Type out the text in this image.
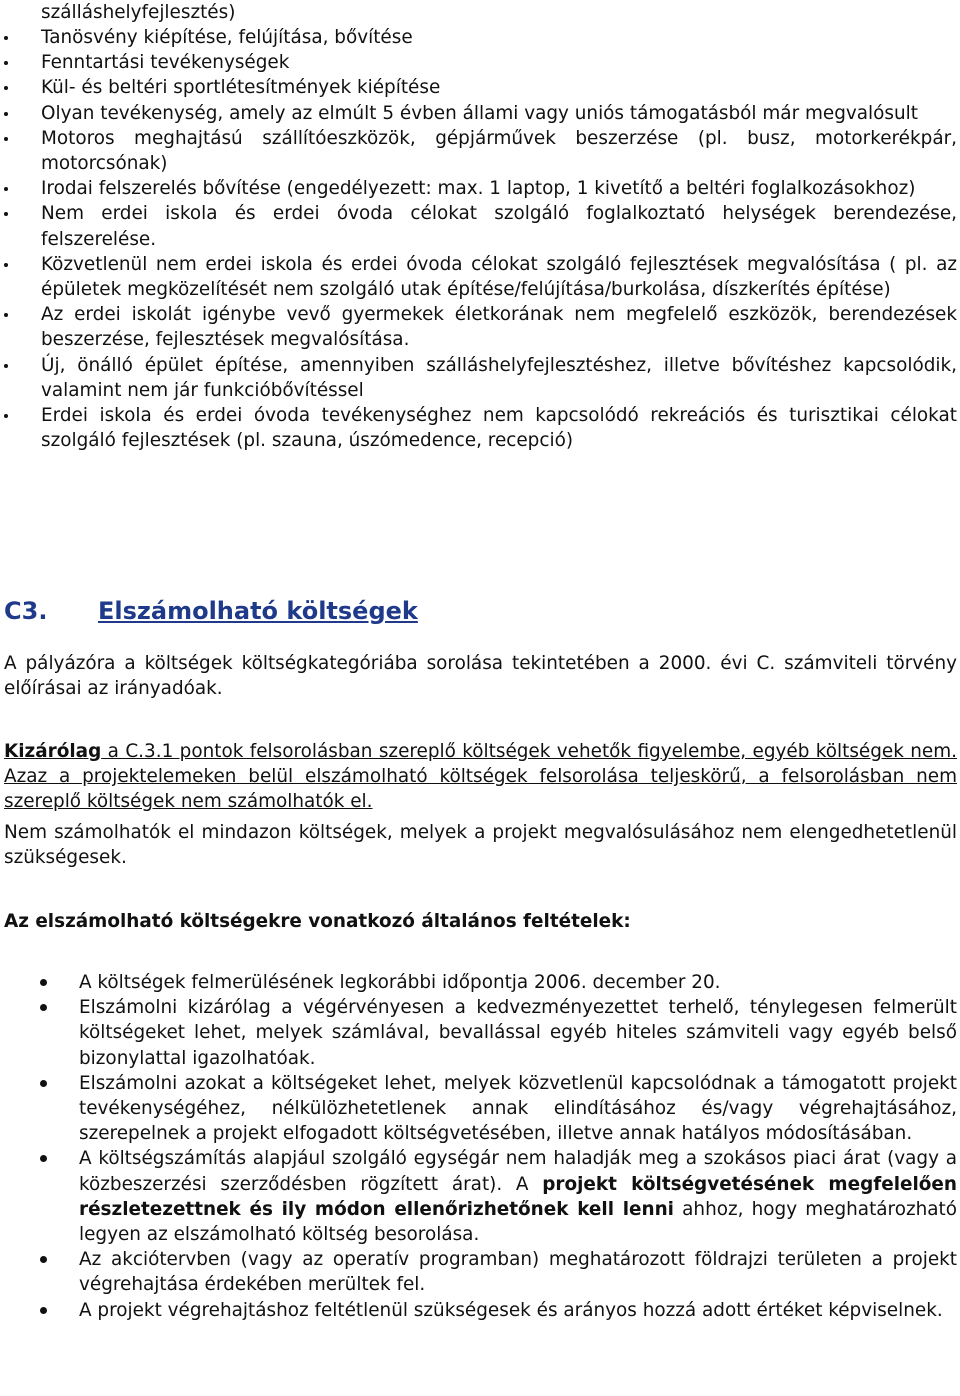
szálláshelyfejlesztés)

Tanösvény kiépítése, felújítása, bővítése

Fenntartási tevékenységek

Kül- és beltéri sportlétesítmények kiépítése

Olyan tevékenység, amely az elmúlt 5 évben állami vagy uniós támogatásból már megvalósult

Motoros meghajtású szállítóeszközök, gépjárművek beszerzése (pl. busz, motorkerékpár, motorcsónak)

Irodai felszerelés bővítése (engedélyezett: max. 1 laptop, 1 kivetítő a beltéri foglalkozásokhoz)

Nem erdei iskola és erdei óvoda célokat szolgáló foglalkoztató helységek berendezése, felszerelése.

Közvetlenül nem erdei iskola és erdei óvoda célokat szolgáló fejlesztések megvalósítása ( pl. az épületek megközelítését nem szolgáló utak építése/felújítása/burkolása, díszkerítés építése)

Az erdei iskolát igénybe vevő gyermekek életkorának nem megfelelő eszközök, berendezések beszerzése, fejlesztések megvalósítása.

Új, önálló épület építése, amennyiben szálláshelyfejlesztéshez, illetve bővítéshez kapcsolódik, valamint nem jár funkcióbővítéssel

Erdei iskola és erdei óvoda tevékenységhez nem kapcsolódó rekreációs és turisztikai célokat szolgáló fejlesztések (pl. szauna, úszómedence, recepció)

C3. Elszámolható költségek

A pályázóra a költségek költségkategóriába sorolása tekintetében a 2000. évi C. számviteli törvény előírásai az irányadóak.

Kizárólag a C.3.1 pontok felsorolásban szereplő költségek vehetők figyelembe, egyéb költségek nem. Azaz a projektelemeken belül elszámolható költségek felsorolása teljeskörű, a felsorolásban nem szereplő költségek nem számolhatók el.

Nem számolhatók el mindazon költségek, melyek a projekt megvalósulásához nem elengedhetetlenül szükségesek.

Az elszámolható költségekre vonatkozó általános feltételek:

A költségek felmerülésének legkorábbi időpontja 2006. december 20.

Elszámolni kizárólag a végérvényesen a kedvezményezettet terhelő, ténylegesen felmerült költségeket lehet, melyek számlával, bevallással egyéb hiteles számviteli vagy egyéb belső bizonylattal igazolhatóak.

Elszámolni azokat a költségeket lehet, melyek közvetlenül kapcsolódnak a támogatott projekt tevékenységéhez, nélkülözhetetlenek annak elindításához és/vagy végrehajtásához, szerepelnek a projekt elfogadott költségvetésében, illetve annak hatályos módosításában.

A költségszámítás alapjául szolgáló egységár nem haladják meg a szokásos piaci árat (vagy a közbeszerzési szerződésben rögzített árat). A projekt költségvetésének megfelelően részletezettnek és ily módon ellenőrizhetőnek kell lenni ahhoz, hogy meghatározható legyen az elszámolható költség besorolása.

Az akciótervben (vagy az operatív programban) meghatározott földrajzi területen a projekt végrehajtása érdekében merültek fel.

A projekt végrehajtáshoz feltétlenül szükségesek és arányos hozzá adott értéket képviselnek.
